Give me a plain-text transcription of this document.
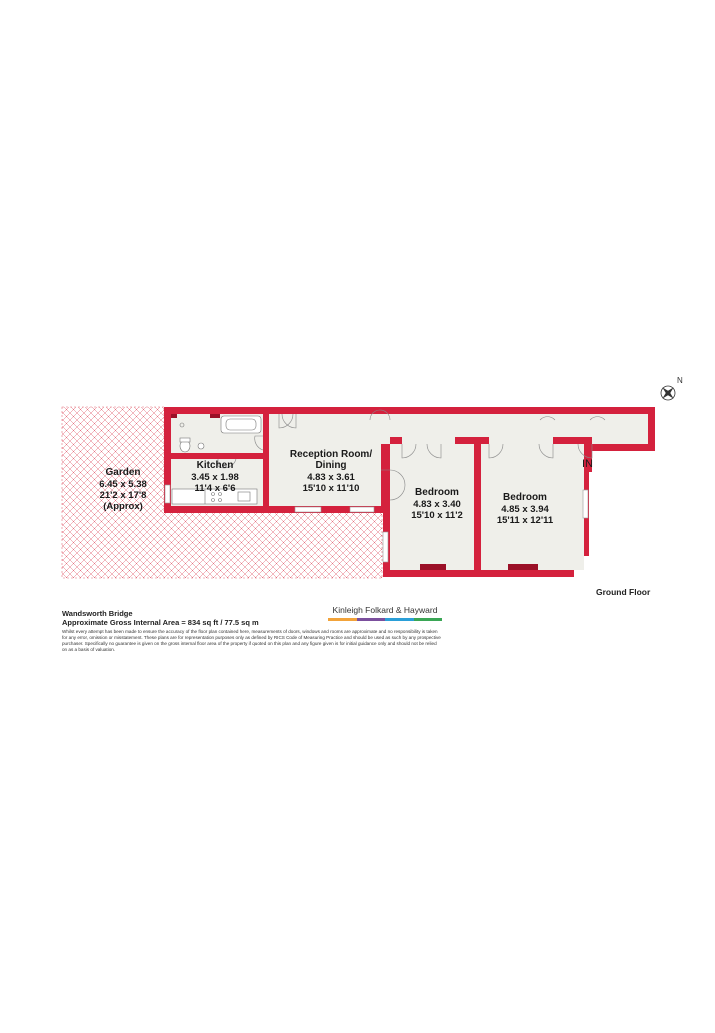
N
Garden
6.45 x 5.38
21'2 x 17'8
(Approx)
Kitchen
3.45 x 1.98
11'4 x 6'6
Reception Room/
Dining
4.83 x 3.61
15'10 x 11'10	Bedroom
4.83 x 3.40
15'10 x 11'2
Bedroom
4.85 x 3.94
15'11 x 12'11
IN
Ground Floor
Wandsworth Bridge
Approximate Gross Internal Area = 834 sq ft / 77.5 sq m
Whilst every attempt has been made to ensure the accuracy of the floor plan contained here, measurements of doors, windows and rooms are approximate and no responsibility is taken for any error, omission or misstatement. These plans are for representation purposes only as defined by RICS Code of Measuring Practice and should be used as such by any prospective purchaser. Specifically no guarantee is given on the gross internal floor area of the property if quoted on this plan and any figure given is for initial guidance only and should not be relied on as a basis of valuation.
Kinleigh Folkard & Hayward
